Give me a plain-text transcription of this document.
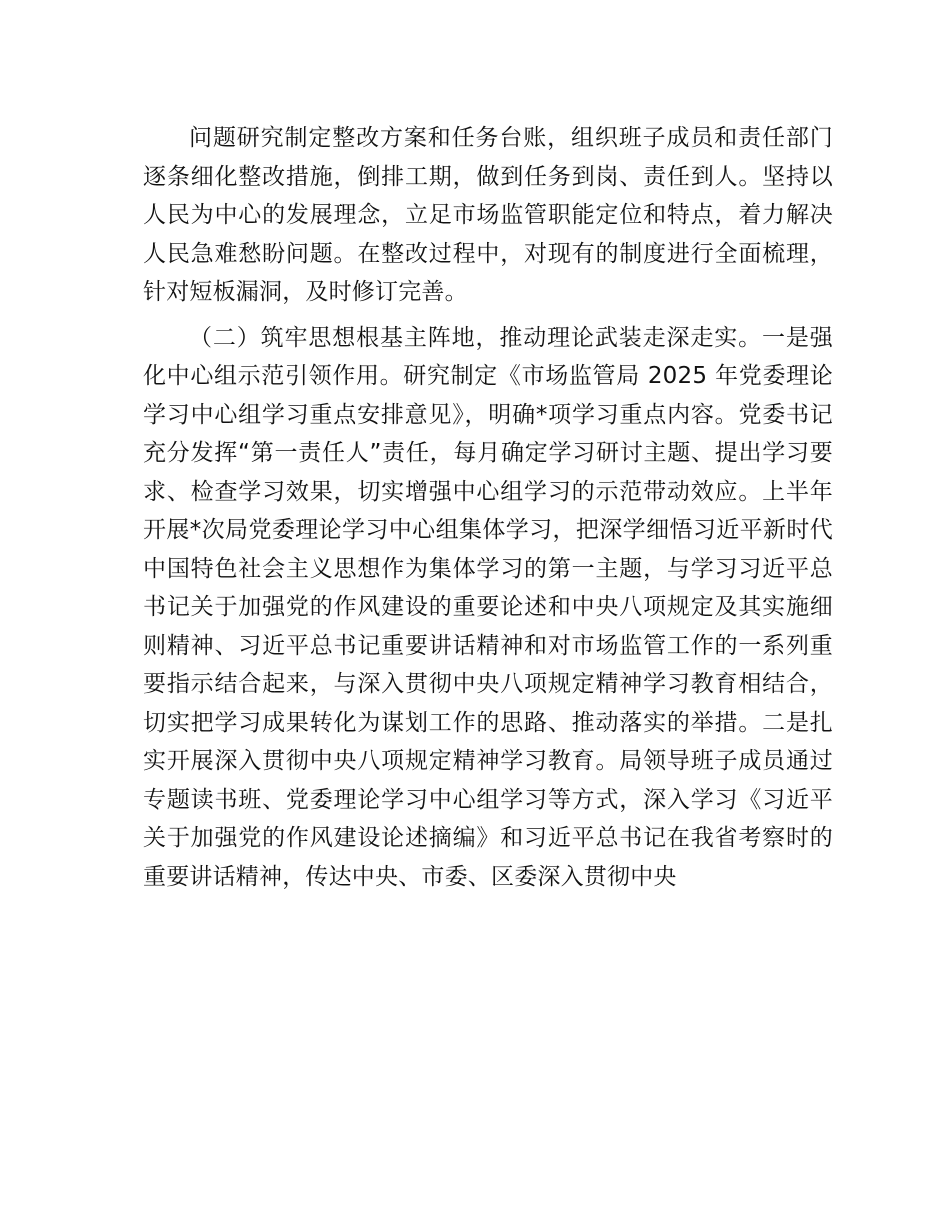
问题研究制定整改方案和任务台账，组织班子成员和责任部门逐条细化整改措施，倒排工期，做到任务到岗、责任到人。坚持以人民为中心的发展理念，立足市场监管职能定位和特点，着力解决人民急难愁盼问题。在整改过程中，对现有的制度进行全面梳理，针对短板漏洞，及时修订完善。

（二）筑牢思想根基主阵地，推动理论武装走深走实。一是强化中心组示范引领作用。研究制定《市场监管局 2025 年党委理论学习中心组学习重点安排意见》，明确*项学习重点内容。党委书记充分发挥“第一责任人”责任，每月确定学习研讨主题、提出学习要求、检查学习效果，切实增强中心组学习的示范带动效应。上半年开展*次局党委理论学习中心组集体学习，把深学细悟习近平新时代中国特色社会主义思想作为集体学习的第一主题，与学习习近平总书记关于加强党的作风建设的重要论述和中央八项规定及其实施细则精神、习近平总书记重要讲话精神和对市场监管工作的一系列重要指示结合起来，与深入贯彻中央八项规定精神学习教育相结合，切实把学习成果转化为谋划工作的思路、推动落实的举措。二是扎实开展深入贯彻中央八项规定精神学习教育。局领导班子成员通过专题读书班、党委理论学习中心组学习等方式，深入学习《习近平关于加强党的作风建设论述摘编》和习近平总书记在我省考察时的重要讲话精神，传达中央、市委、区委深入贯彻中央
